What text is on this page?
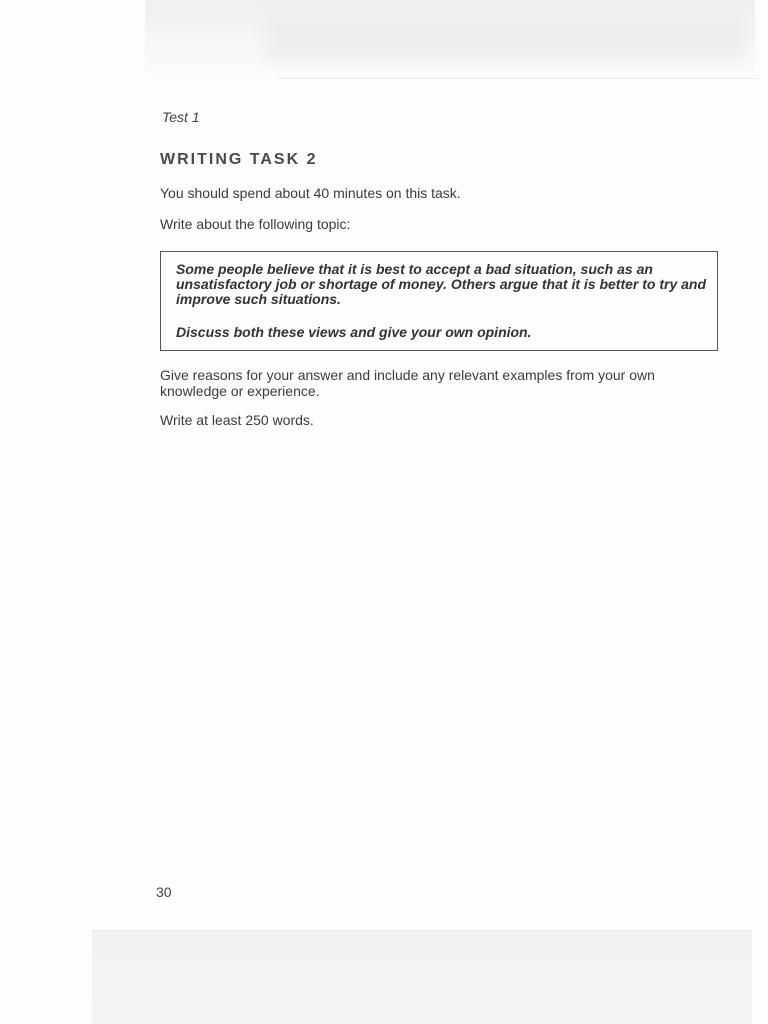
Test 1
WRITING TASK 2
You should spend about 40 minutes on this task.
Write about the following topic:
Some people believe that it is best to accept a bad situation, such as an unsatisfactory job or shortage of money. Others argue that it is better to try and improve such situations.
Discuss both these views and give your own opinion.
Give reasons for your answer and include any relevant examples from your own knowledge or experience.
Write at least 250 words.
30
